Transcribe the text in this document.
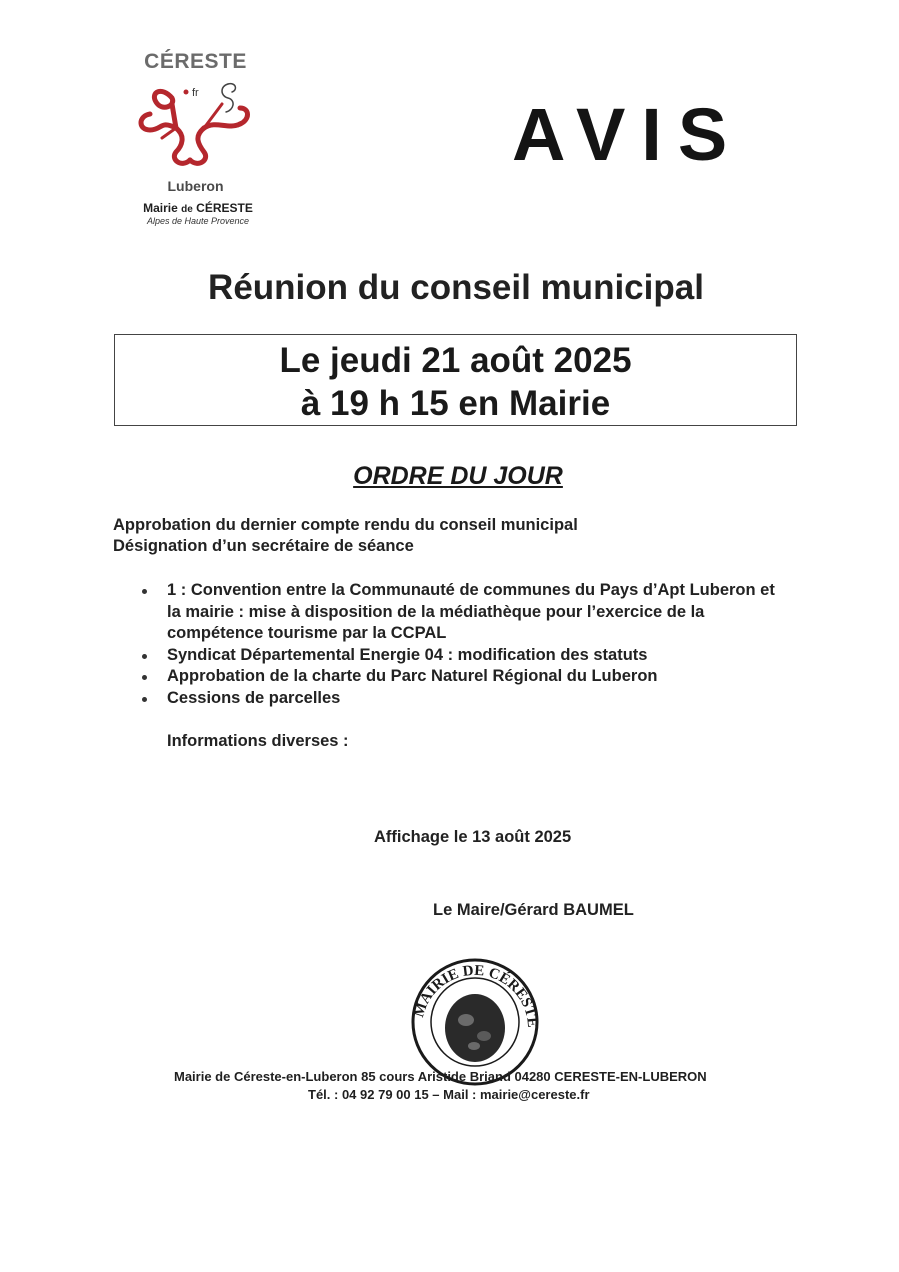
CÉRESTE
fr
Luberon
Mairie de CÉRESTE
Alpes de Haute Provence
AVIS
Réunion du conseil municipal
Le jeudi 21 août 2025
à 19 h 15 en Mairie
ORDRE DU JOUR
Approbation du dernier compte rendu du conseil municipal
Désignation d’un secrétaire de séance
1 : Convention entre la Communauté de communes du Pays d’Apt Luberon et la mairie : mise à disposition de la médiathèque pour l’exercice de la compétence tourisme par la CCPAL
Syndicat Départemental Energie 04 : modification des statuts
Approbation de la charte du Parc Naturel Régional du Luberon
Cessions de parcelles
Informations diverses :
Affichage le 13 août 2025
Le Maire/Gérard BAUMEL
MAIRIE DE CÉRESTE
Mairie de Céreste-en-Luberon 85 cours Aristide Briand 04280 CERESTE-EN-LUBERON
Tél. : 04 92 79 00 15 – Mail : mairie@cereste.fr
